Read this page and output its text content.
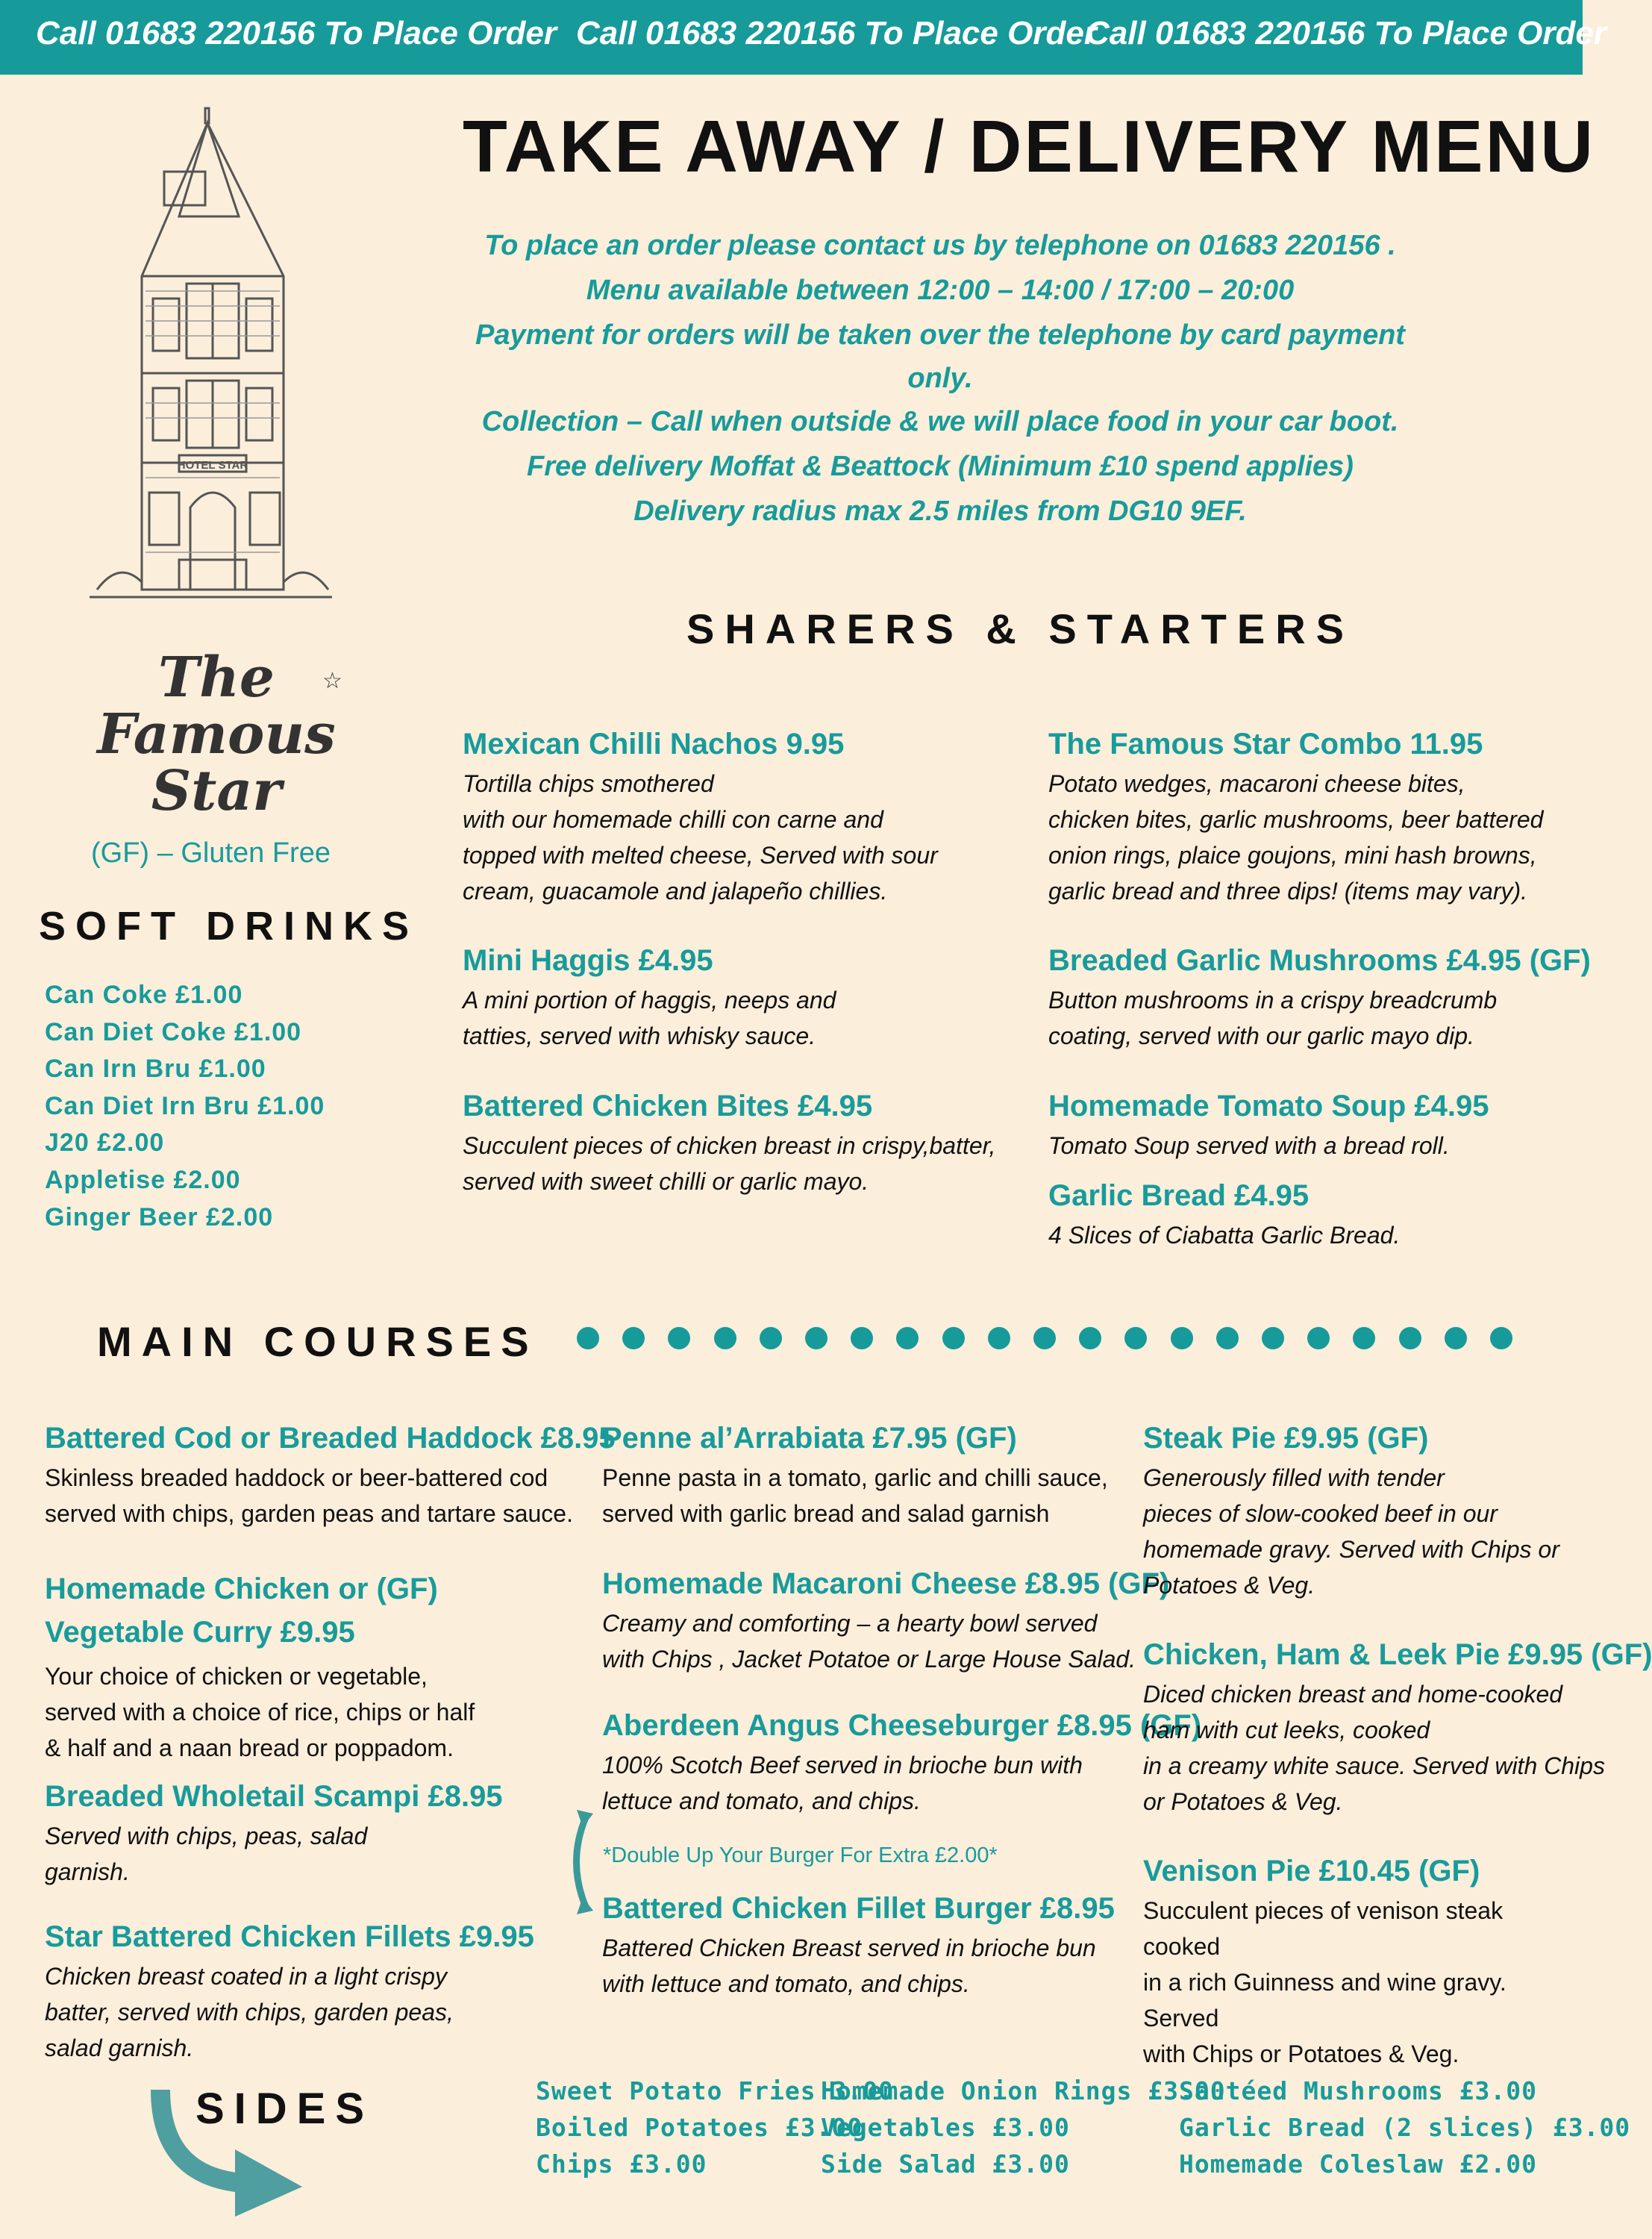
Call 01683 220156 To Place Order Call 01683 220156 To Place Order
Call 01683 220156 To Place Order
TAKE AWAY / DELIVERY MENU
To place an order please contact us by telephone on 01683 220156 .
Menu available between 12:00 – 14:00 / 17:00 – 20:00
Payment for orders will be taken over the telephone by card payment only.
Collection – Call when outside & we will place food in your car boot.
Free delivery Moffat & Beattock (Minimum £10 spend applies)
Delivery radius max 2.5 miles from DG10 9EF.
HOTEL STAR
The Famous Star
☆
(GF) – Gluten Free
SOFT DRINKS
Can Coke £1.00
Can Diet Coke £1.00
Can Irn Bru £1.00
Can Diet Irn Bru £1.00
J20 £2.00
Appletise £2.00
Ginger Beer £2.00
SHARERS & STARTERS
Mexican Chilli Nachos 9.95
Tortilla chips smothered
with our homemade chilli con carne and
topped with melted cheese, Served with sour
cream, guacamole and jalapeño chillies.
Mini Haggis £4.95
A mini portion of haggis, neeps and
tatties, served with whisky sauce.
Battered Chicken Bites £4.95
Succulent pieces of chicken breast in crispy,batter,
served with sweet chilli or garlic mayo.
The Famous Star Combo 11.95
Potato wedges, macaroni cheese bites,
chicken bites, garlic mushrooms, beer battered
onion rings, plaice goujons, mini hash browns,
garlic bread and three dips! (items may vary).
Breaded Garlic Mushrooms £4.95 (GF)
Button mushrooms in a crispy breadcrumb
coating, served with our garlic mayo dip.
Homemade Tomato Soup £4.95
Tomato Soup served with a bread roll.
Garlic Bread £4.95
4 Slices of Ciabatta Garlic Bread.
MAIN COURSES
Battered Cod or Breaded Haddock £8.95
Skinless breaded haddock or beer-battered cod
served with chips, garden peas and tartare sauce.
Homemade Chicken or (GF)
Vegetable Curry £9.95
Your choice of chicken or vegetable,
served with a choice of rice, chips or half
& half and a naan bread or poppadom.
Breaded Wholetail Scampi £8.95
Served with chips, peas, salad
garnish.
Star Battered Chicken Fillets £9.95
Chicken breast coated in a light crispy
batter, served with chips, garden peas,
salad garnish.
Penne al’Arrabiata £7.95 (GF)
Penne pasta in a tomato, garlic and chilli sauce,
served with garlic bread and salad garnish
Homemade Macaroni Cheese £8.95 (GF)
Creamy and comforting – a hearty bowl served
with Chips , Jacket Potatoe or Large House Salad.
Aberdeen Angus Cheeseburger £8.95 (GF)
100% Scotch Beef served in brioche bun with
lettuce and tomato, and chips.
*Double Up Your Burger For Extra £2.00*
Battered Chicken Fillet Burger £8.95
Battered Chicken Breast served in brioche bun
with lettuce and tomato, and chips.
Steak Pie £9.95 (GF)
Generously filled with tender
pieces of slow-cooked beef in our
homemade gravy. Served with Chips or
Potatoes & Veg.
Chicken, Ham & Leek Pie £9.95 (GF)
Diced chicken breast and home-cooked
ham with cut leeks, cooked
in a creamy white sauce. Served with Chips
or Potatoes & Veg.
Venison Pie £10.45 (GF)
Succulent pieces of venison steak cooked
in a rich Guinness and wine gravy. Served
with Chips or Potatoes & Veg.
SIDES	Sweet Potato Fries 3.00
Boiled Potatoes £3.00
Chips £3.00
Homemade Onion Rings £3.00
Vegetables £3.00
Side Salad £3.00
Sautéed Mushrooms £3.00
Garlic Bread (2 slices) £3.00
Homemade Coleslaw £2.00
